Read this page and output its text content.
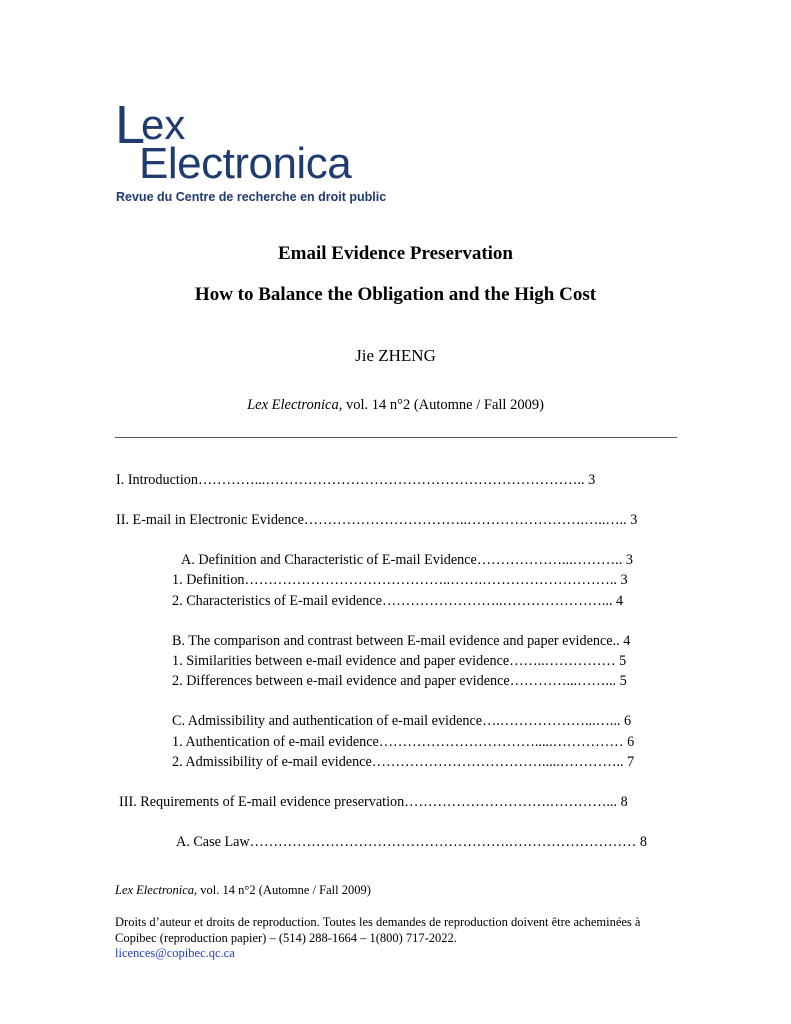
L
ex
Electronica
Revue du Centre de recherche en droit public
Email Evidence Preservation
How to Balance the Obligation and the High Cost
Jie ZHENG
Lex Electronica, vol. 14 n°2 (Automne / Fall 2009)
I. Introduction…………...………………………………………………………….. 3
II. E-mail in Electronic Evidence……………………………..…………………….…..….. 3
A. Definition and Characteristic of E-mail Evidence………………...……….. 3
1. Definition……………………………………..…….……………………….. 3
2. Characteristics of E-mail evidence……………………..…………………... 4
B. The comparison and contrast between E-mail evidence and paper evidence.. 4
1. Similarities between e-mail evidence and paper evidence……..…………… 5
2. Differences between e-mail evidence and paper evidence…………...……... 5
C. Admissibility and authentication of e-mail evidence….………………...…... 6
1. Authentication of e-mail evidence…………………………….....…………… 6
2. Admissibility of e-mail evidence……………………………….....………….. 7
III. Requirements of E-mail evidence preservation………………………….…………... 8
A. Case Law……………………………………………….……………………… 8
Lex Electronica, vol. 14 n°2 (Automne / Fall 2009)
Droits d’auteur et droits de reproduction. Toutes les demandes de reproduction doivent être acheminées à Copibec (reproduction papier) – (514) 288-1664 – 1(800) 717-2022.
licences@copibec.qc.ca
